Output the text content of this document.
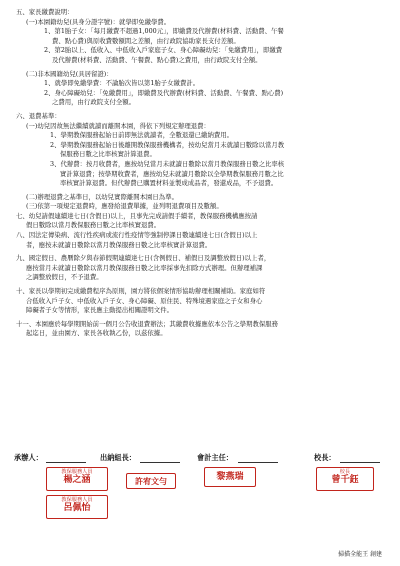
五、家長繳費說明：
(一)本園籍幼兒(具身分證字號)：就學即免繳學費。
1、第1胎子女：「每月繳費不超過1,000元」，即繳費及代辦費(材料費、活動費、午餐
費、點心費)與原收費數額間之差額，由行政院協助家長支付差額。
2、第2胎以上、低收入、中低收入戶家庭子女、身心障礙幼兒：「免繳費用」，即繳費
及代辦費(材料費、活動費、午餐費、點心費)之費用，由行政院支付全額。
(二)非本國籍幼兒(具居留證)：
1、就學即免繳學費：不論胎次皆以第1胎子女繳費計。
2、身心障礙幼兒：「免繳費用」，即繳費及代辦費(材料費、活動費、午餐費、點心費)
之費用，由行政院支付全額。
六、退費基準：
(一)幼兒因故無法繼續就讀而離開本園，得依下列規定辦理退費：
1、學期教保服務起始日前即無法就讀者，全數退還已繳納費用。
2、學期教保服務起始日後離開教保服務機構者，按幼兒當月未就讀日數除以當月教
保服務日數之比率核實計算退費。
3、代辦費：按月收費者，應按幼兒當月未就讀日數除以當月教保服務日數之比率核
實計算退費；按學期收費者，應按幼兒未就讀月數除以全學期教保服務月數之比
率核實計算退費。但代辦費已購置材料並製成成品者，發還成品，不予退費。
(二)辦理退費之基準日，以幼兒實際離開本園日為準。
(三)依第一項規定退費時，應發給退費單據，並列明退費項目及數額。
七、幼兒請假連續達七日(含假日)以上，且事先完成請假手續者，教保服務機構應按請
假日數除以當月教保服務日數之比率核實退費。
八、因法定傳染病、流行性疾病或流行性疫情等強制停課日數連續達七日(含假日)以上
者，應按未就讀日數除以當月教保服務日數之比率核實計算退費。
九、國定假日、農曆除夕與春節假期連續達七日(含例假日、補假日及調整放假日)以上者，
應按當月未就讀日數除以當月教保服務日數之比率採事先扣除方式辦理。但辦理補課
之調整放假日，不予退費。
十、家長以學期初完成繳費程序為原則，園方將依個案情形協助辦理相關補助。家庭如符
合低收入戶子女、中低收入戶子女、身心障礙、原住民、特殊境遇家庭之子女和身心
障礙者子女等情形，家長應主動提出相關證明文件。
十一、本園應於每學期開始前一個月公告收退費辦法；其繳費收據應依本公告之學期教保服務
起迄日，並由園方、家長各收執乙份，以茲依據。
承辦人：	出納組長：	會計主任：	校長：
教保服務人員
楊之涵
教保服務人員
呂佩怡
許宥文勻	黎燕瑞	校長
曾千鈺
掃描全能王 創建
